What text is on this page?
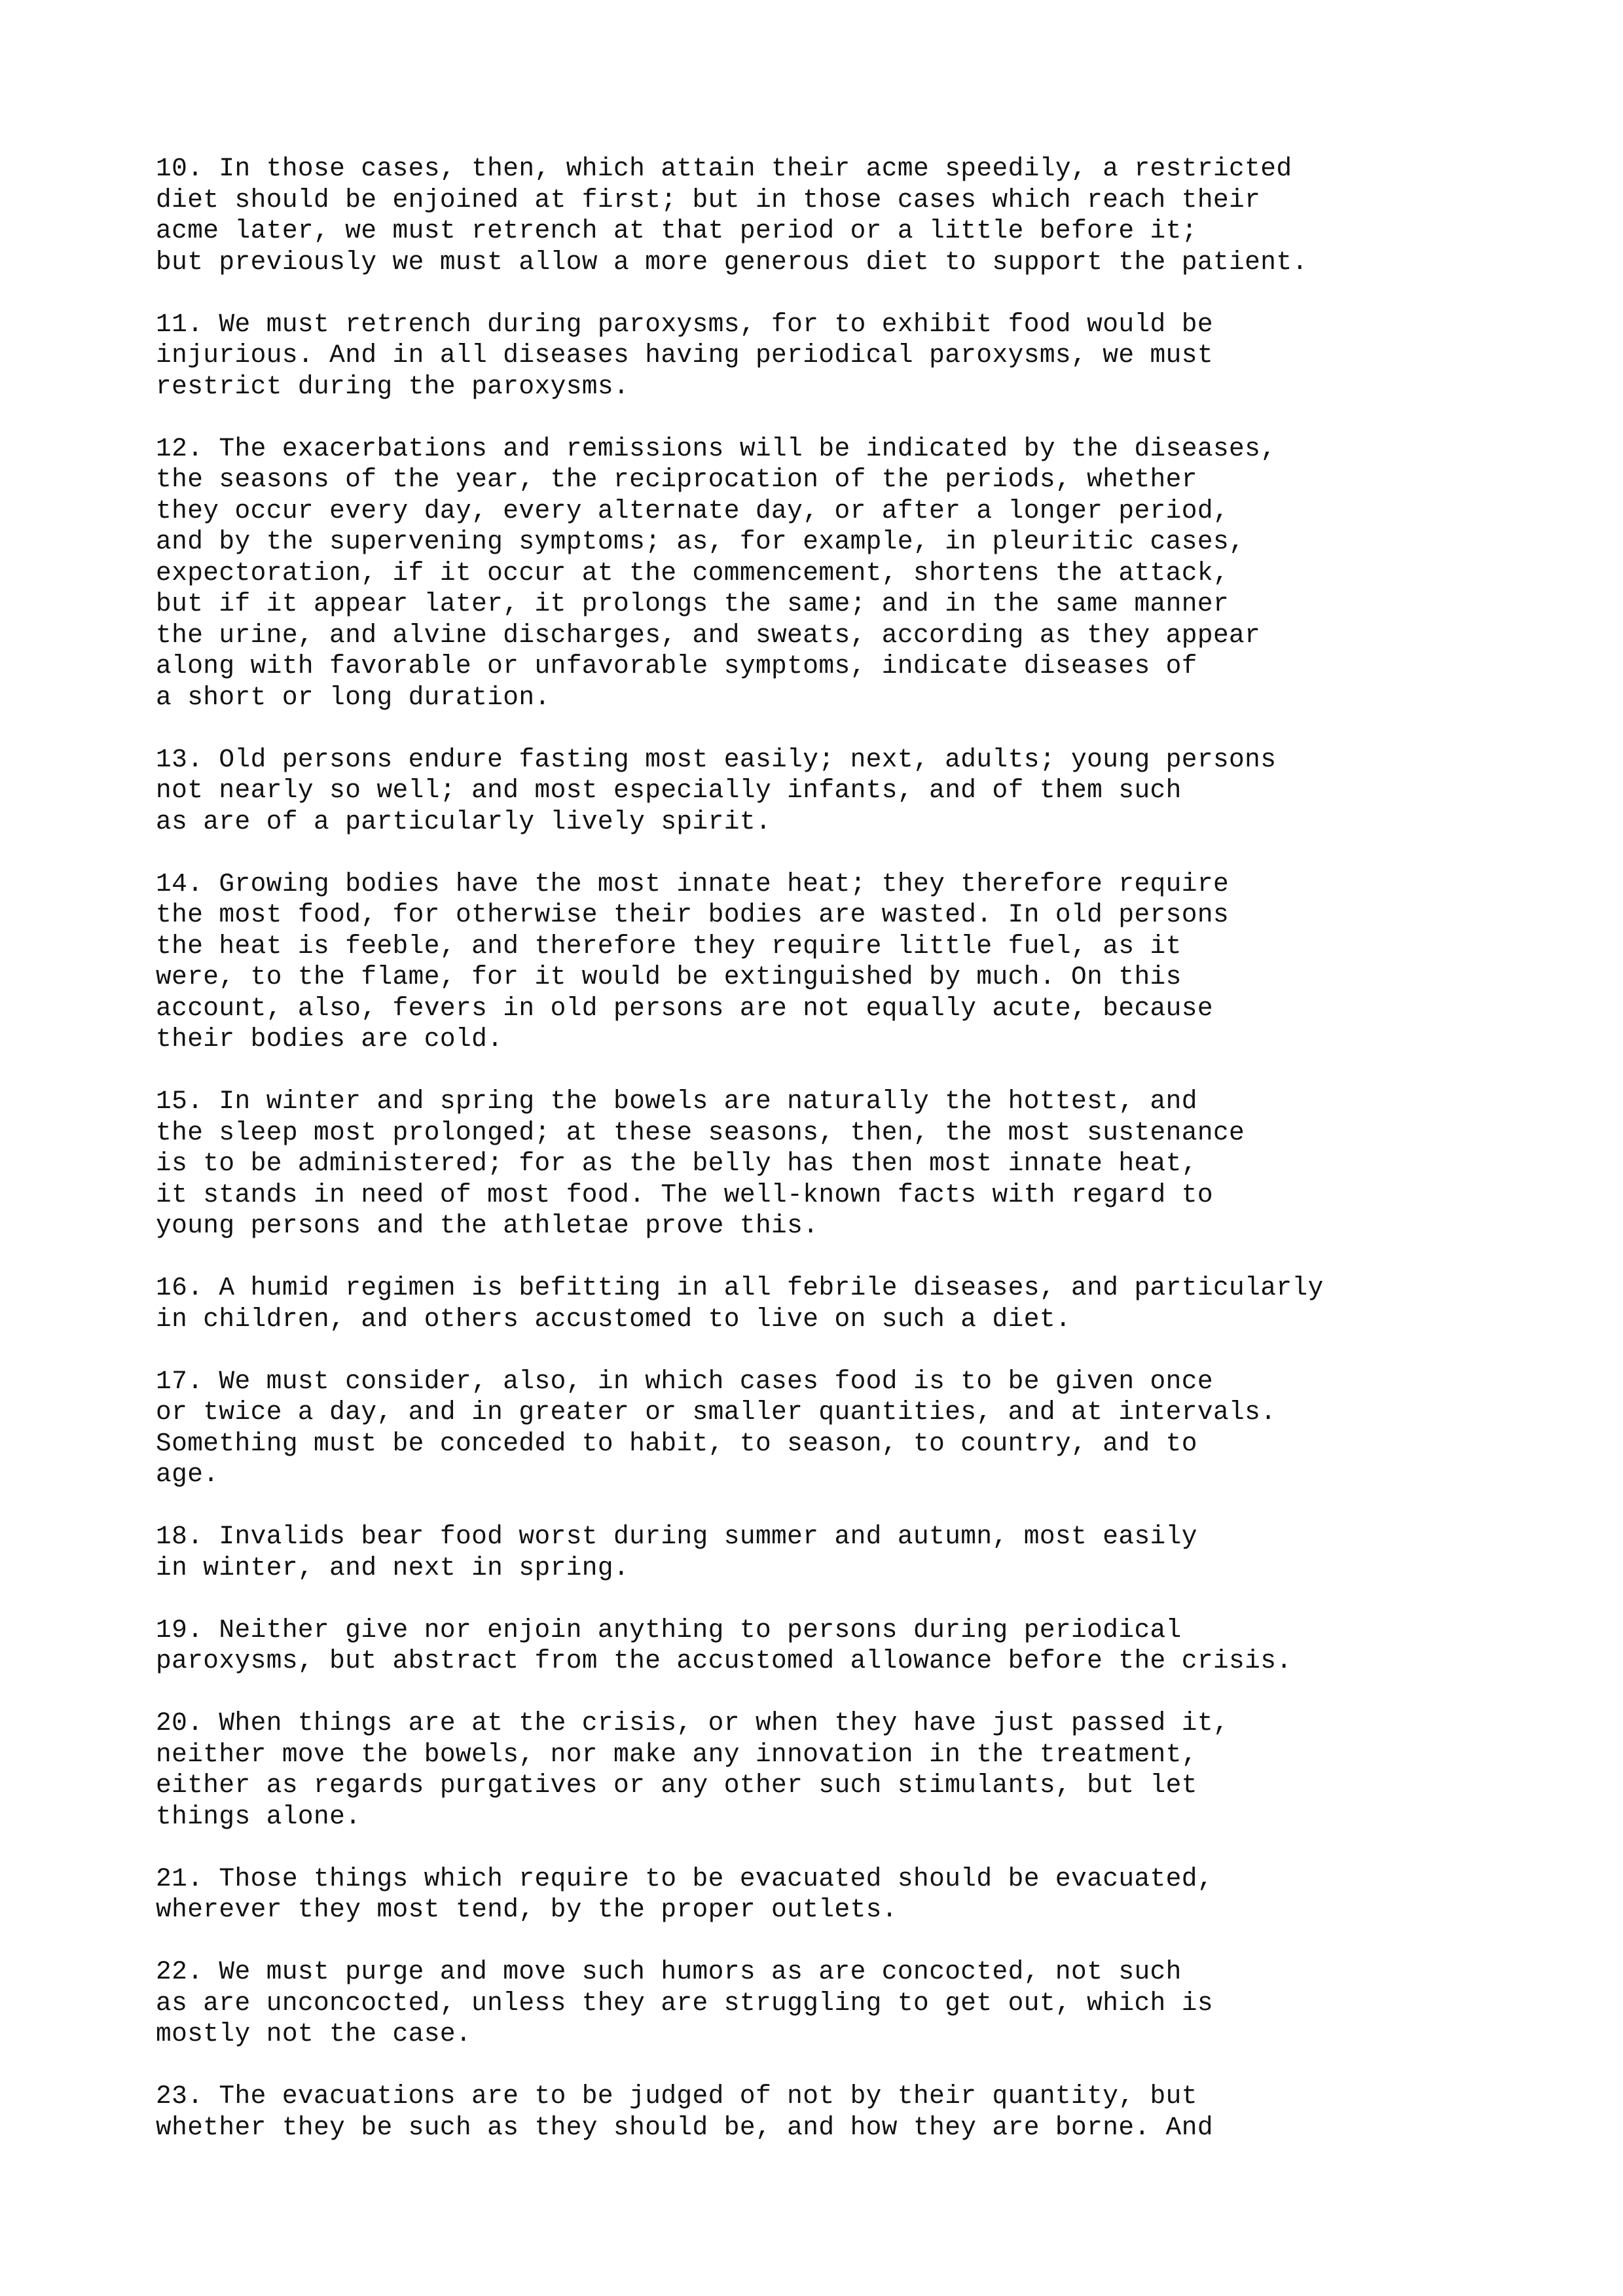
10. In those cases, then, which attain their acme speedily, a restricted
diet should be enjoined at first; but in those cases which reach their
acme later, we must retrench at that period or a little before it;
but previously we must allow a more generous diet to support the patient.
11. We must retrench during paroxysms, for to exhibit food would be
injurious. And in all diseases having periodical paroxysms, we must
restrict during the paroxysms.
12. The exacerbations and remissions will be indicated by the diseases,
the seasons of the year, the reciprocation of the periods, whether
they occur every day, every alternate day, or after a longer period,
and by the supervening symptoms; as, for example, in pleuritic cases,
expectoration, if it occur at the commencement, shortens the attack,
but if it appear later, it prolongs the same; and in the same manner
the urine, and alvine discharges, and sweats, according as they appear
along with favorable or unfavorable symptoms, indicate diseases of
a short or long duration.
13. Old persons endure fasting most easily; next, adults; young persons
not nearly so well; and most especially infants, and of them such
as are of a particularly lively spirit.
14. Growing bodies have the most innate heat; they therefore require
the most food, for otherwise their bodies are wasted. In old persons
the heat is feeble, and therefore they require little fuel, as it
were, to the flame, for it would be extinguished by much. On this
account, also, fevers in old persons are not equally acute, because
their bodies are cold.
15. In winter and spring the bowels are naturally the hottest, and
the sleep most prolonged; at these seasons, then, the most sustenance
is to be administered; for as the belly has then most innate heat,
it stands in need of most food. The well-known facts with regard to
young persons and the athletae prove this.
16. A humid regimen is befitting in all febrile diseases, and particularly
in children, and others accustomed to live on such a diet.
17. We must consider, also, in which cases food is to be given once
or twice a day, and in greater or smaller quantities, and at intervals.
Something must be conceded to habit, to season, to country, and to
age.
18. Invalids bear food worst during summer and autumn, most easily
in winter, and next in spring.
19. Neither give nor enjoin anything to persons during periodical
paroxysms, but abstract from the accustomed allowance before the crisis.
20. When things are at the crisis, or when they have just passed it,
neither move the bowels, nor make any innovation in the treatment,
either as regards purgatives or any other such stimulants, but let
things alone.
21. Those things which require to be evacuated should be evacuated,
wherever they most tend, by the proper outlets.
22. We must purge and move such humors as are concocted, not such
as are unconcocted, unless they are struggling to get out, which is
mostly not the case.
23. The evacuations are to be judged of not by their quantity, but
whether they be such as they should be, and how they are borne. And
